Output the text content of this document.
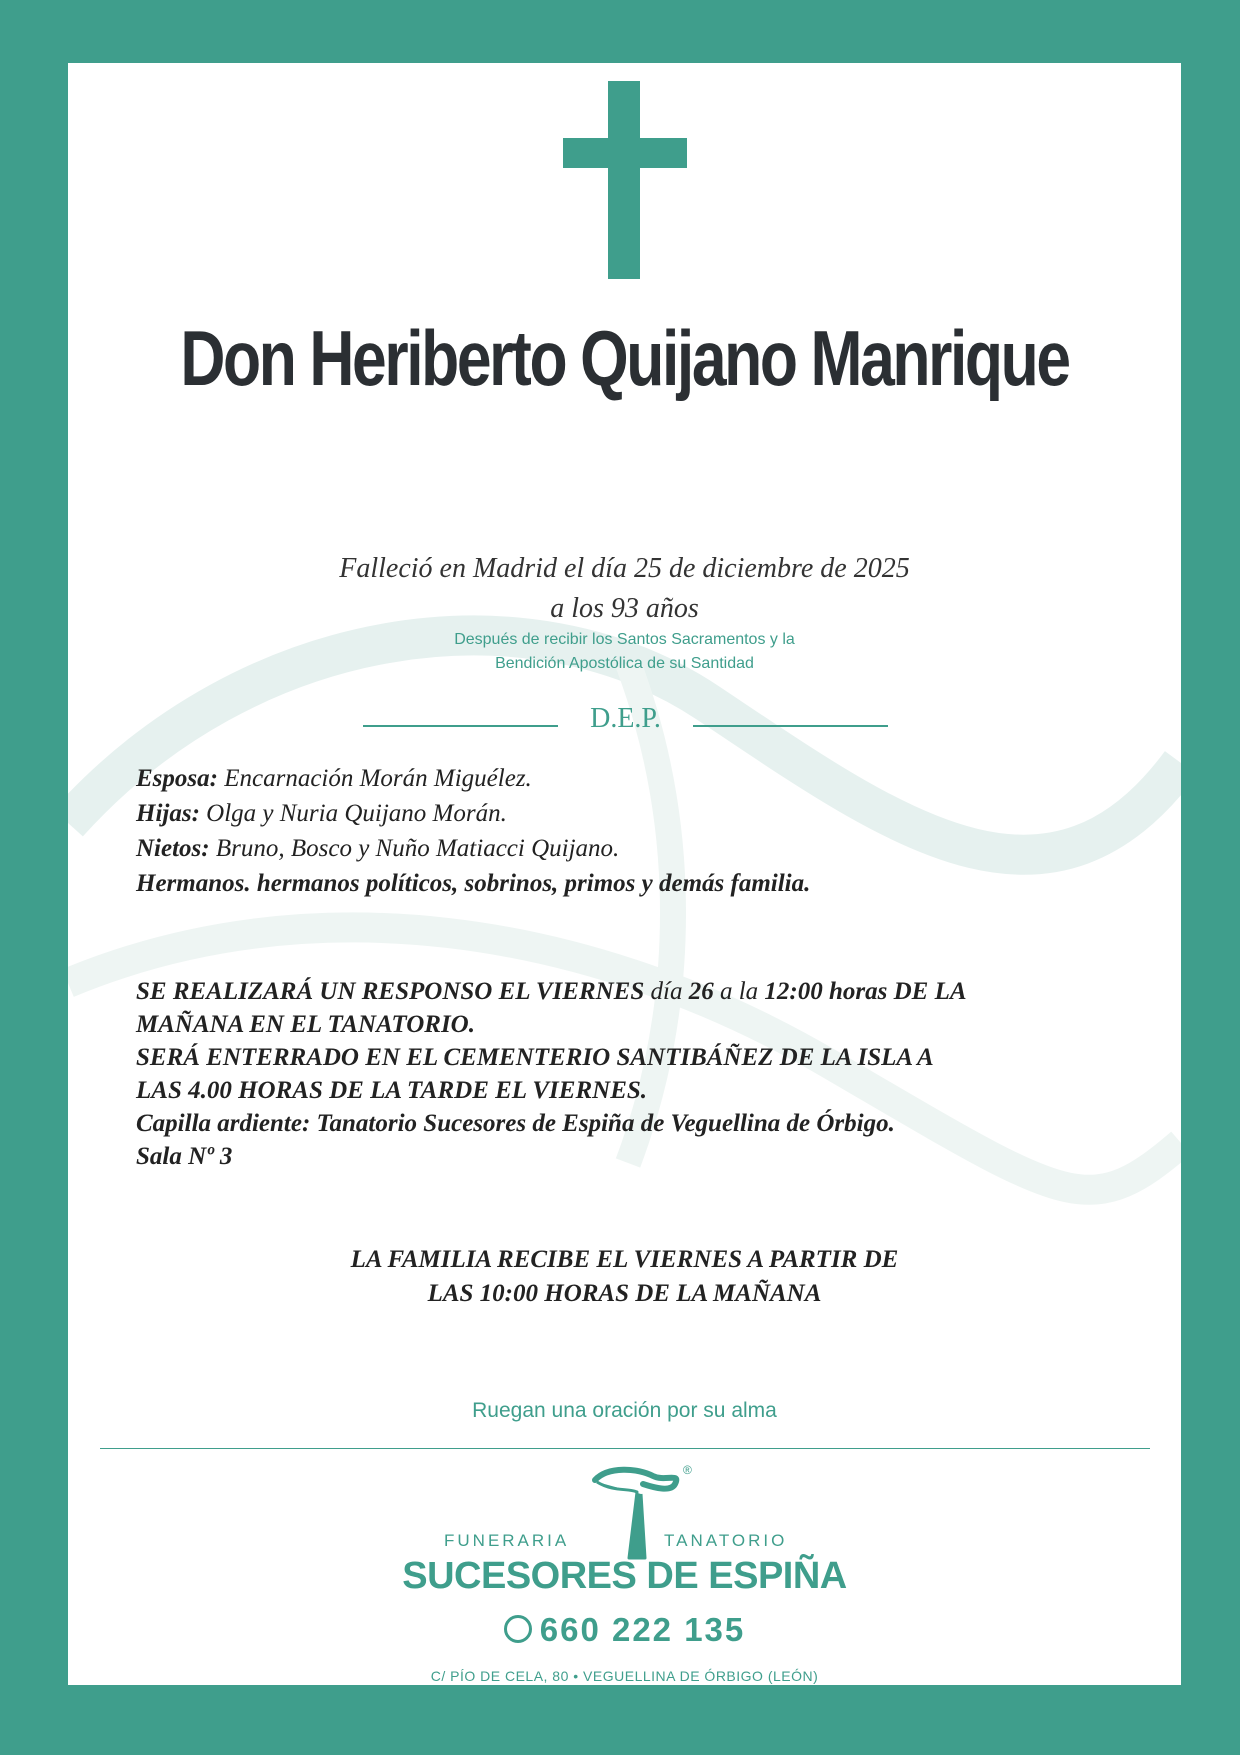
Don Heriberto Quijano Manrique
Falleció en Madrid el día 25 de diciembre de 2025
a los 93 años
Después de recibir los Santos Sacramentos y la
Bendición Apostólica de su Santidad
D.E.P.
Esposa: Encarnación Morán Miguélez.
Hijas: Olga y Nuria Quijano Morán.
Nietos: Bruno, Bosco y Nuño Matiacci Quijano.
Hermanos. hermanos políticos, sobrinos, primos y demás familia.
SE REALIZARÁ UN RESPONSO EL VIERNES día 26 a la 12:00 horas DE LA
MAÑANA EN EL TANATORIO.
SERÁ ENTERRADO EN EL CEMENTERIO SANTIBÁÑEZ DE LA ISLA A
LAS 4.00 HORAS DE LA TARDE EL VIERNES.
Capilla ardiente: Tanatorio Sucesores de Espiña de Veguellina de Órbigo.
Sala Nº 3
LA FAMILIA RECIBE EL VIERNES A PARTIR DE
LAS 10:00 HORAS DE LA MAÑANA
Ruegan una oración por su alma
®
FUNERARIA	TANATORIO
SUCESORES DE ESPIÑA
660 222 135
C/ PÍO DE CELA, 80 • VEGUELLINA DE ÓRBIGO (LEÓN)
